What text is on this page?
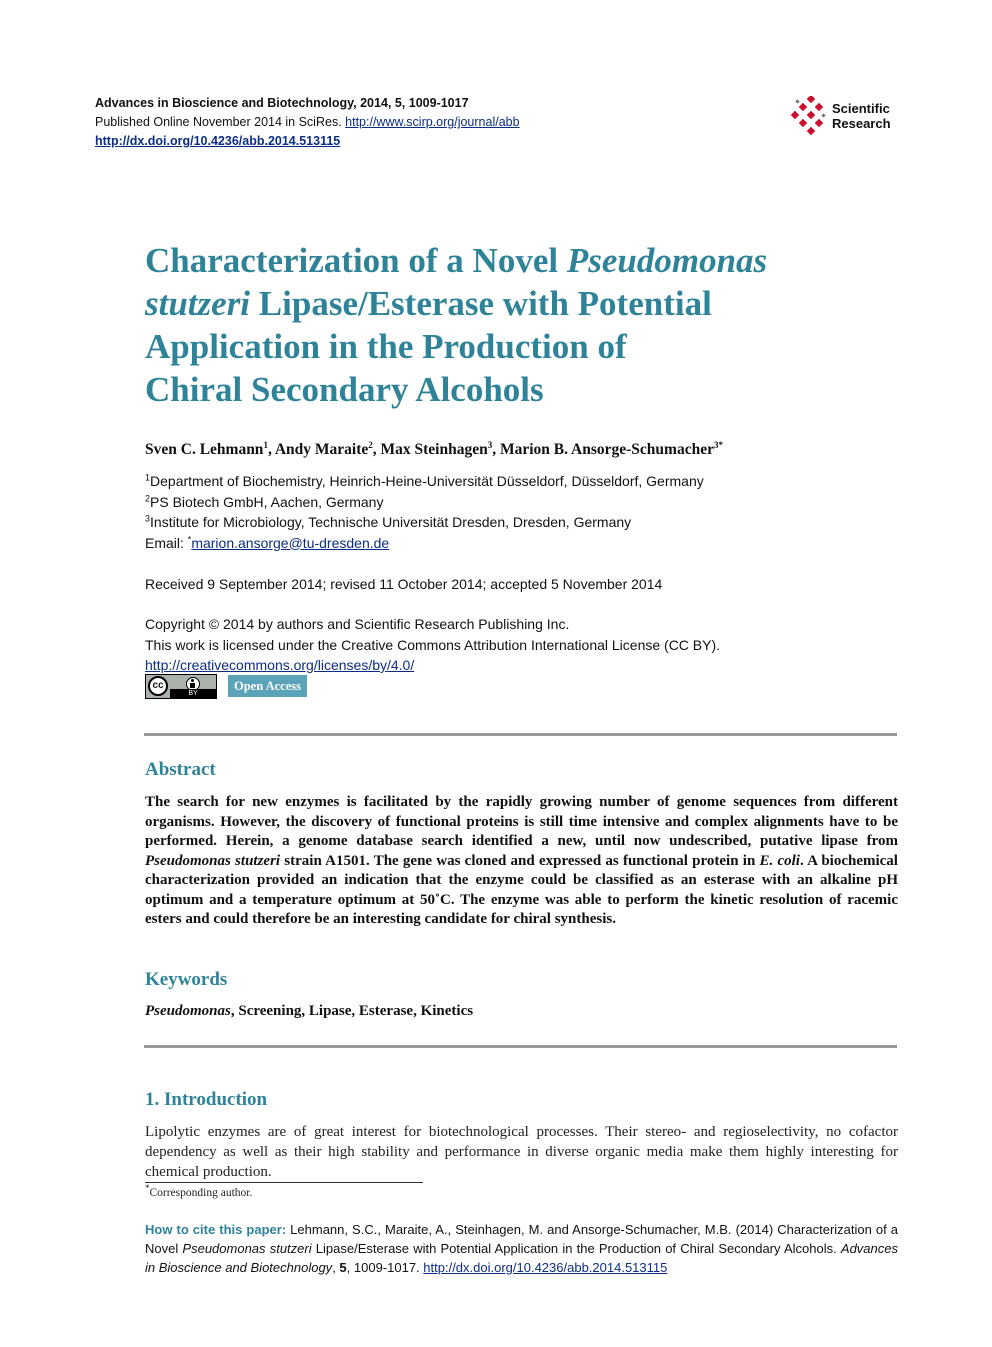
Advances in Bioscience and Biotechnology, 2014, 5, 1009-1017
Published Online November 2014 in SciRes. http://www.scirp.org/journal/abb
http://dx.doi.org/10.4236/abb.2014.513115
Scientific
Research
Characterization of a Novel Pseudomonas
stutzeri Lipase/Esterase with Potential
Application in the Production of
Chiral Secondary Alcohols
Sven C. Lehmann$^1$, Andy Maraite$^2$, Max Steinhagen$^3$, Marion B. Ansorge-Schumacher$^{3*}$
$^1$Department of Biochemistry, Heinrich-Heine-Universität Düsseldorf, Düsseldorf, Germany
$^2$PS Biotech GmbH, Aachen, Germany
$^3$Institute for Microbiology, Technische Universität Dresden, Dresden, Germany
Email: *marion.ansorge@tu-dresden.de
Received 9 September 2014; revised 11 October 2014; accepted 5 November 2014
Copyright © 2014 by authors and Scientific Research Publishing Inc.
This work is licensed under the Creative Commons Attribution International License (CC BY).
http://creativecommons.org/licenses/by/4.0/
cc
BY
Open Access
Abstract
The search for new enzymes is facilitated by the rapidly growing number of genome sequences from different organisms. However, the discovery of functional proteins is still time intensive and complex alignments have to be performed. Herein, a genome database search identified a new, until now undescribed, putative lipase from Pseudomonas stutzeri strain A1501. The gene was cloned and expressed as functional protein in E. coli. A biochemical characterization provided an indication that the enzyme could be classified as an esterase with an alkaline pH optimum and a temperature optimum at 50˚C. The enzyme was able to perform the kinetic resolution of racemic esters and could therefore be an interesting candidate for chiral synthesis.
Keywords
Pseudomonas, Screening, Lipase, Esterase, Kinetics
1. Introduction
Lipolytic enzymes are of great interest for biotechnological processes. Their stereo- and regioselectivity, no cofactor dependency as well as their high stability and performance in diverse organic media make them highly interesting for chemical production.
*Corresponding author.
How to cite this paper: Lehmann, S.C., Maraite, A., Steinhagen, M. and Ansorge-Schumacher, M.B. (2014) Characterization of a Novel Pseudomonas stutzeri Lipase/Esterase with Potential Application in the Production of Chiral Secondary Alcohols. Advances in Bioscience and Biotechnology, 5, 1009-1017. http://dx.doi.org/10.4236/abb.2014.513115
